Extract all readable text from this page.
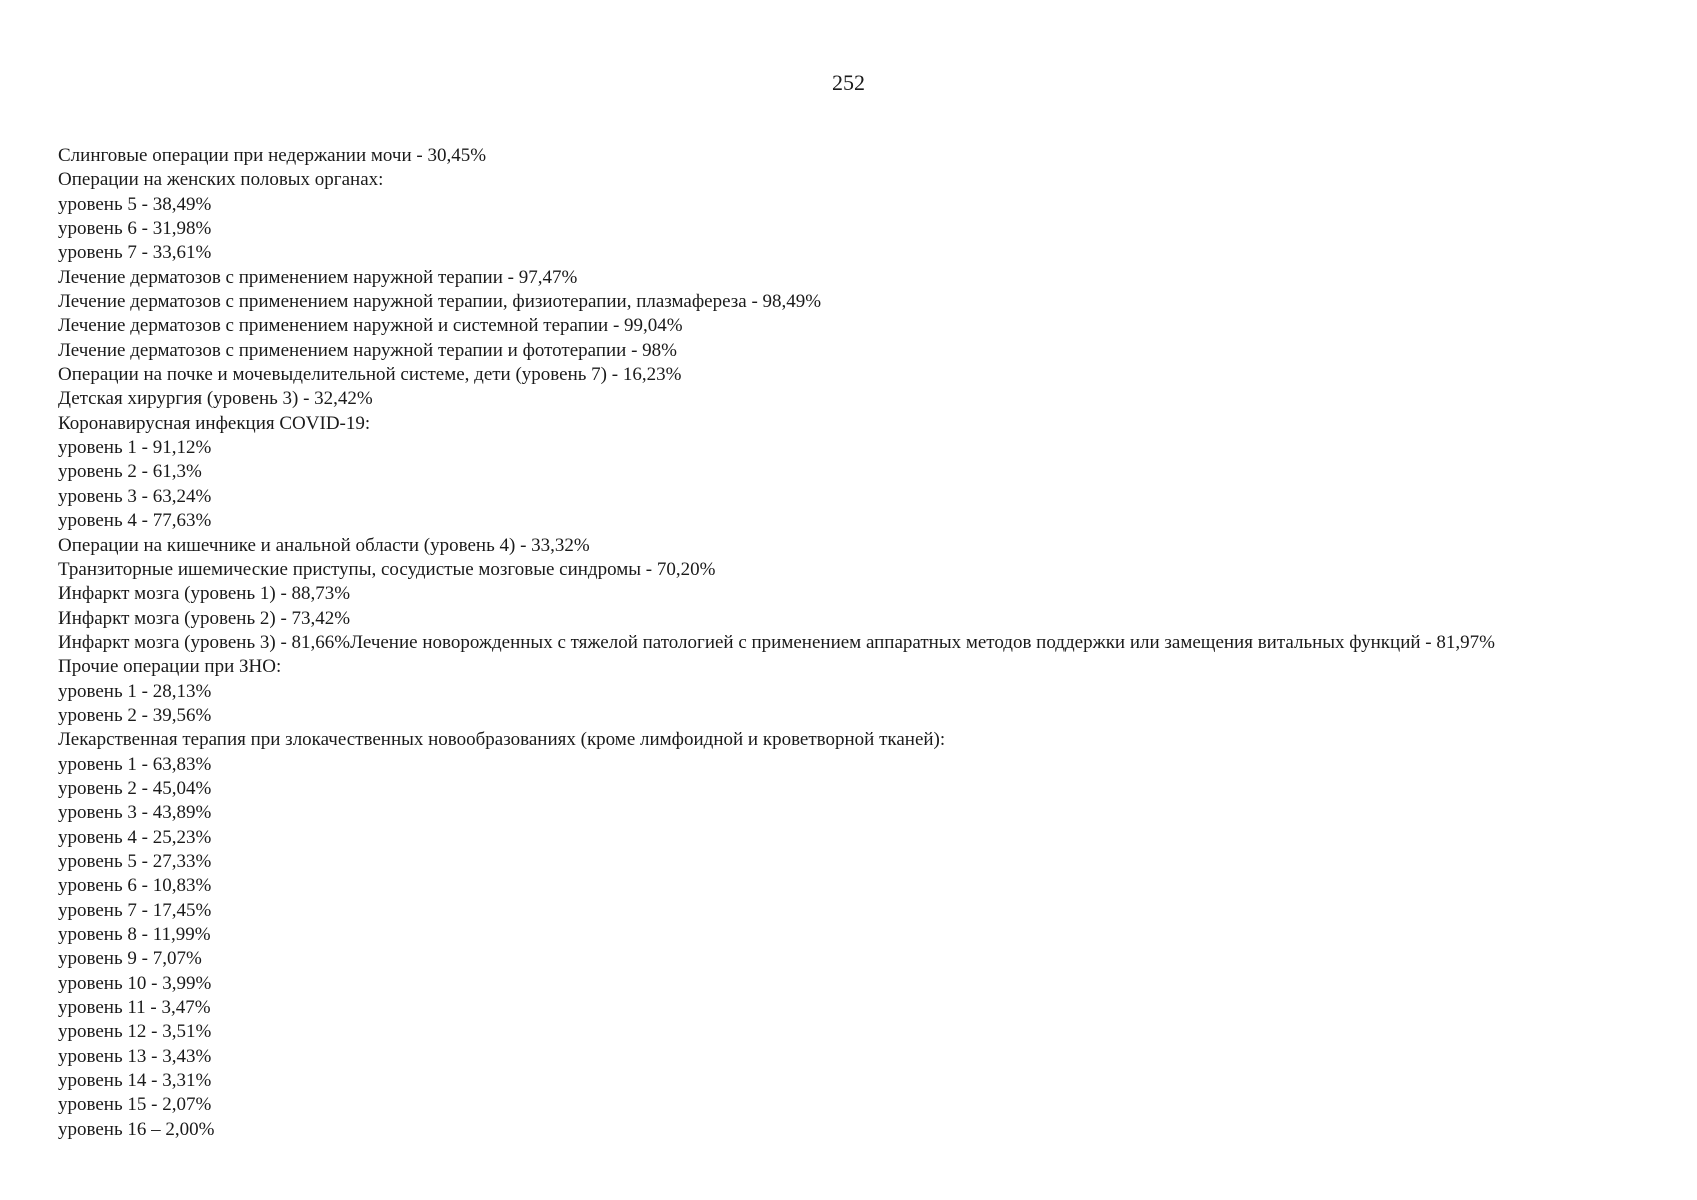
252
Слинговые операции при недержании мочи - 30,45%
Операции на женских половых органах:
уровень 5 - 38,49%
уровень 6 - 31,98%
уровень 7 - 33,61%
Лечение дерматозов с применением наружной терапии - 97,47%
Лечение дерматозов с применением наружной терапии, физиотерапии, плазмафереза - 98,49%
Лечение дерматозов с применением наружной и системной терапии - 99,04%
Лечение дерматозов с применением наружной терапии и фототерапии - 98%
Операции на почке и мочевыделительной системе, дети (уровень 7) - 16,23%
Детская хирургия (уровень 3) - 32,42%
Коронавирусная инфекция COVID-19:
уровень 1 - 91,12%
уровень 2 - 61,3%
уровень 3 - 63,24%
уровень 4 - 77,63%
Операции на кишечнике и анальной области (уровень 4) - 33,32%
Транзиторные ишемические приступы, сосудистые мозговые синдромы - 70,20%
Инфаркт мозга (уровень 1) - 88,73%
Инфаркт мозга (уровень 2) - 73,42%
Инфаркт мозга (уровень 3) - 81,66%Лечение новорожденных с тяжелой патологией с применением аппаратных методов поддержки или замещения витальных функций - 81,97%
Прочие операции при ЗНО:
уровень 1 - 28,13%
уровень 2 - 39,56%
Лекарственная терапия при злокачественных новообразованиях (кроме лимфоидной и кроветворной тканей):
уровень 1 - 63,83%
уровень 2 - 45,04%
уровень 3 - 43,89%
уровень 4 - 25,23%
уровень 5 - 27,33%
уровень 6 - 10,83%
уровень 7 - 17,45%
уровень 8 - 11,99%
уровень 9 - 7,07%
уровень 10 - 3,99%
уровень 11 - 3,47%
уровень 12 - 3,51%
уровень 13 - 3,43%
уровень 14 - 3,31%
уровень 15 - 2,07%
уровень 16 – 2,00%
